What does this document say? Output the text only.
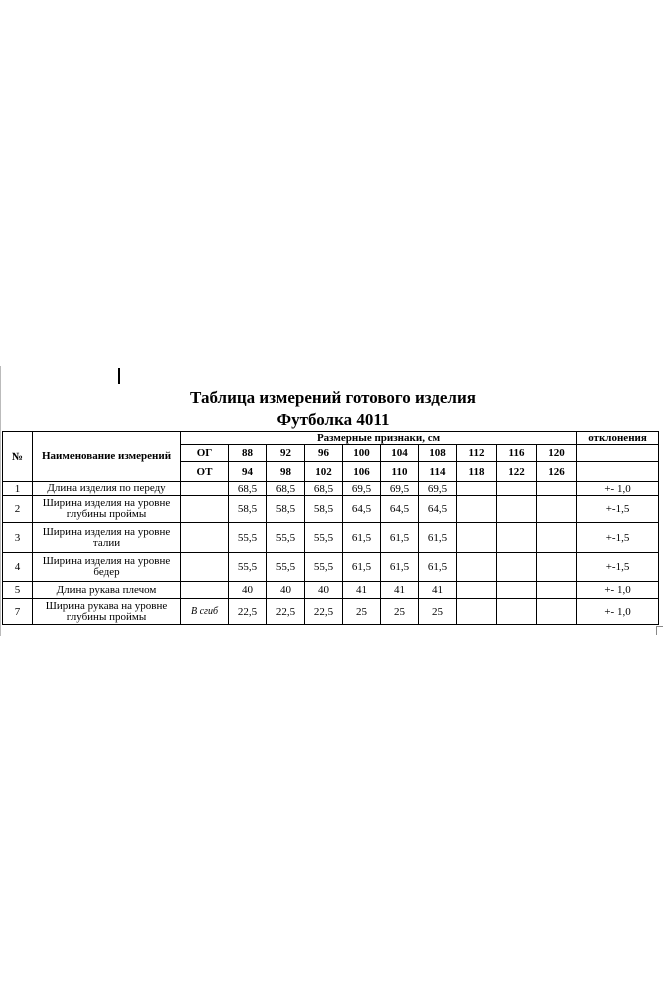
Таблица измерений готового изделия
Футболка 4011
№	Наименование измерений	Размерные признаки, см										отклонения
		ОГ	88	92	96	100	104	108	112	116	120	
		ОТ	94	98	102	106	110	114	118	122	126	
1	Длина изделия по переду		68,5	68,5	68,5	69,5	69,5	69,5				+- 1,0
2	Ширина изделия на уровне глубины проймы		58,5	58,5	58,5	64,5	64,5	64,5				+-1,5
3	Ширина изделия на уровне талии		55,5	55,5	55,5	61,5	61,5	61,5				+-1,5
4	Ширина изделия на уровне бедер		55,5	55,5	55,5	61,5	61,5	61,5				+-1,5
5	Длина рукава плечом		40	40	40	41	41	41				+- 1,0
7	Ширина рукава на уровне глубины проймы	В сгиб	22,5	22,5	22,5	25	25	25				+- 1,0
